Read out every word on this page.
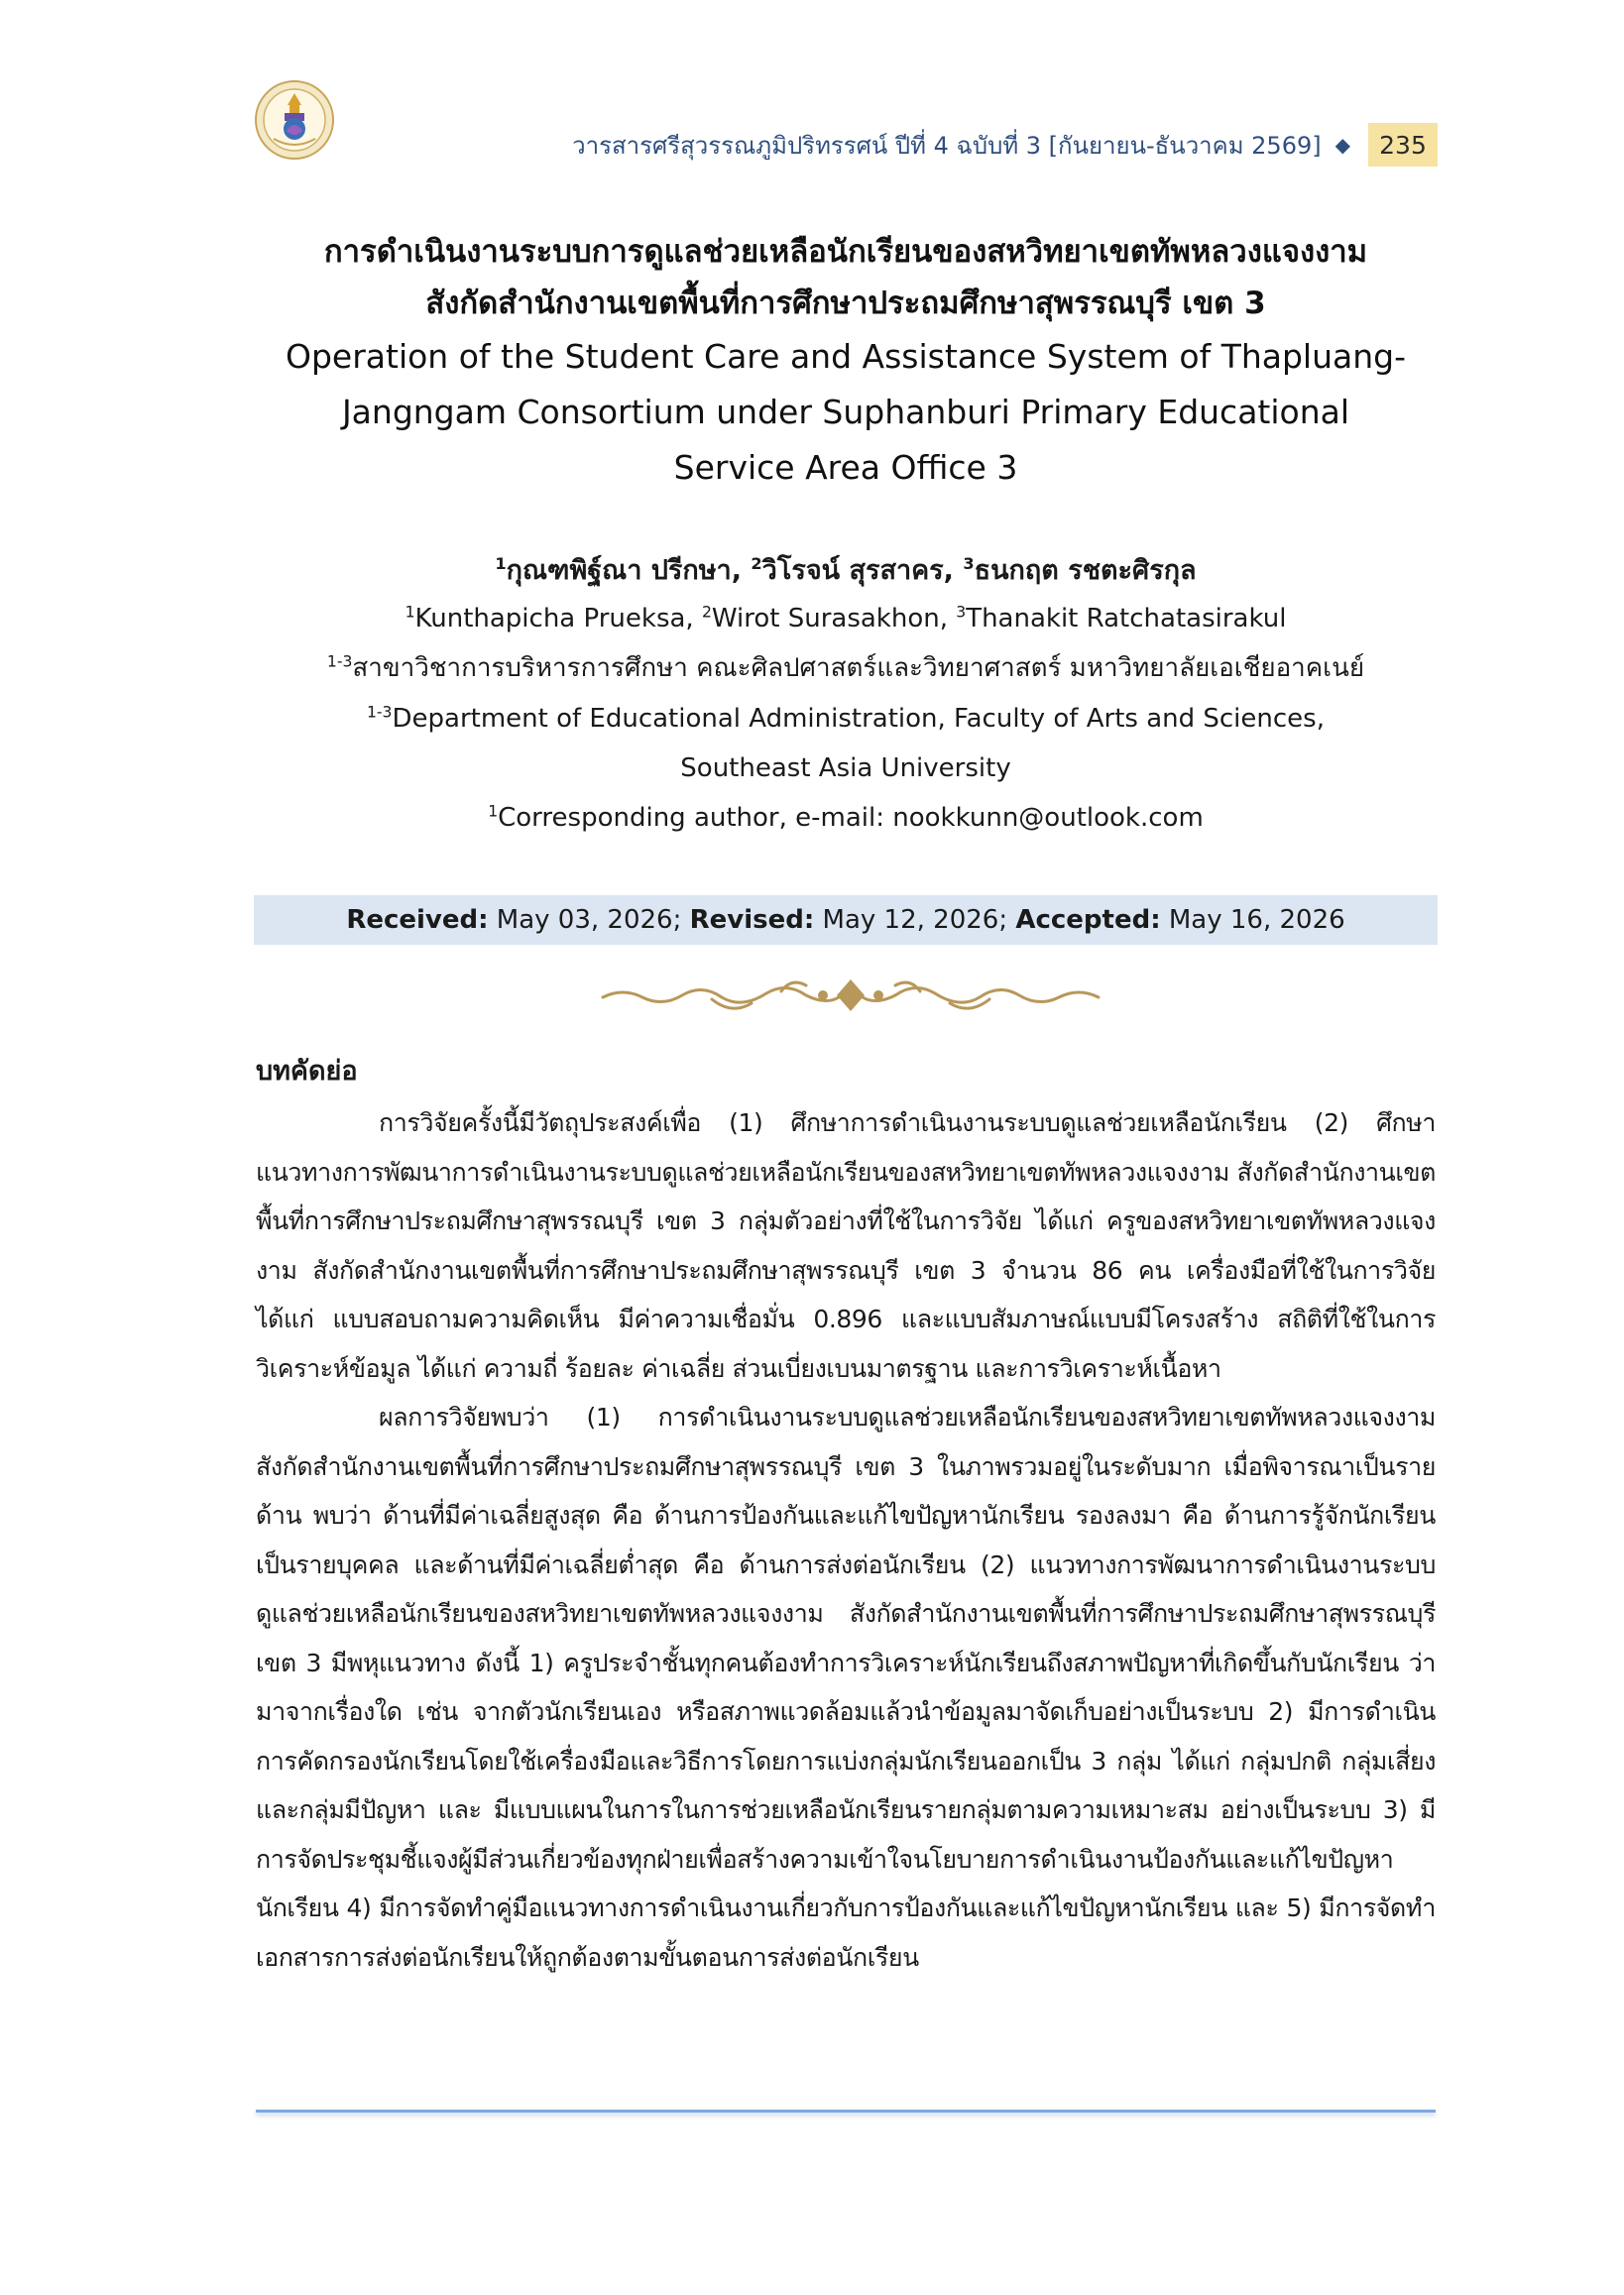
วารสารศรีสุวรรณภูมิปริทรรศน์ ปีที่ 4 ฉบับที่ 3 [กันยายน-ธันวาคม 2569] ◆	235
การดำเนินงานระบบการดูแลช่วยเหลือนักเรียนของสหวิทยาเขตทัพหลวงแจงงาม
สังกัดสำนักงานเขตพื้นที่การศึกษาประถมศึกษาสุพรรณบุรี เขต 3
Operation of the Student Care and Assistance System of Thapluang-
Jangngam Consortium under Suphanburi Primary Educational
Service Area Office 3
$^1$กุณฑพิฐ์ณา ปรีกษา, $^2$วิโรจน์ สุรสาคร, $^3$ธนกฤต รชตะศิรกุล
$^1$Kunthapicha Prueksa, $^2$Wirot Surasakhon, $^3$Thanakit Ratchatasirakul
$^{1-3}$สาขาวิชาการบริหารการศึกษา คณะศิลปศาสตร์และวิทยาศาสตร์ มหาวิทยาลัยเอเชียอาคเนย์
$^{1-3}$Department of Educational Administration, Faculty of Arts and Sciences,
Southeast Asia University
$^1$Corresponding author, e-mail: nookkunn@outlook.com
Received:
May 03, 2026;
Revised:
May 12, 2026;
Accepted:
May 16, 2026
บทคัดย่อ

การวิจัยครั้งนี้มีวัตถุประสงค์เพื่อ (1) ศึกษาการดำเนินงานระบบดูแลช่วยเหลือนักเรียน (2) ศึกษาแนวทางการพัฒนาการดำเนินงานระบบดูแลช่วยเหลือนักเรียนของสหวิทยาเขตทัพหลวงแจงงาม สังกัดสำนักงานเขตพื้นที่การศึกษาประถมศึกษาสุพรรณบุรี เขต 3 กลุ่มตัวอย่างที่ใช้ในการวิจัย ได้แก่ ครูของสหวิทยาเขตทัพหลวงแจงงาม สังกัดสำนักงานเขตพื้นที่การศึกษาประถมศึกษาสุพรรณบุรี เขต 3 จำนวน 86 คน เครื่องมือที่ใช้ในการวิจัย ได้แก่ แบบสอบถามความคิดเห็น มีค่าความเชื่อมั่น 0.896 และแบบสัมภาษณ์แบบมีโครงสร้าง สถิติที่ใช้ในการวิเคราะห์ข้อมูล ได้แก่ ความถี่ ร้อยละ ค่าเฉลี่ย ส่วนเบี่ยงเบนมาตรฐาน และการวิเคราะห์เนื้อหา

ผลการวิจัยพบว่า (1) การดำเนินงานระบบดูแลช่วยเหลือนักเรียนของสหวิทยาเขตทัพหลวงแจงงาม สังกัดสำนักงานเขตพื้นที่การศึกษาประถมศึกษาสุพรรณบุรี เขต 3 ในภาพรวมอยู่ในระดับมาก เมื่อพิจารณาเป็นรายด้าน พบว่า ด้านที่มีค่าเฉลี่ยสูงสุด คือ ด้านการป้องกันและแก้ไขปัญหานักเรียน รองลงมา คือ ด้านการรู้จักนักเรียนเป็นรายบุคคล และด้านที่มีค่าเฉลี่ยต่ำสุด คือ ด้านการส่งต่อนักเรียน (2) แนวทางการพัฒนาการดำเนินงานระบบดูแลช่วยเหลือนักเรียนของสหวิทยาเขตทัพหลวงแจงงาม สังกัดสำนักงานเขตพื้นที่การศึกษาประถมศึกษาสุพรรณบุรี เขต 3 มีพหุแนวทาง ดังนี้ 1) ครูประจำชั้นทุกคนต้องทำการวิเคราะห์นักเรียนถึงสภาพปัญหาที่เกิดขึ้นกับนักเรียน ว่ามาจากเรื่องใด เช่น จากตัวนักเรียนเอง หรือสภาพแวดล้อมแล้วนำข้อมูลมาจัดเก็บอย่างเป็นระบบ 2) มีการดำเนินการคัดกรองนักเรียนโดยใช้เครื่องมือและวิธีการโดยการแบ่งกลุ่มนักเรียนออกเป็น 3 กลุ่ม ได้แก่ กลุ่มปกติ กลุ่มเสี่ยง และกลุ่มมีปัญหา และ มีแบบแผนในการในการช่วยเหลือนักเรียนรายกลุ่มตามความเหมาะสม อย่างเป็นระบบ 3) มีการจัดประชุมชี้แจงผู้มีส่วนเกี่ยวข้องทุกฝ่ายเพื่อสร้างความเข้าใจนโยบายการดำเนินงานป้องกันและแก้ไขปัญหานักเรียน 4) มีการจัดทำคู่มือแนวทางการดำเนินงานเกี่ยวกับการป้องกันและแก้ไขปัญหานักเรียน และ 5) มีการจัดทำเอกสารการส่งต่อนักเรียนให้ถูกต้องตามขั้นตอนการส่งต่อนักเรียน
